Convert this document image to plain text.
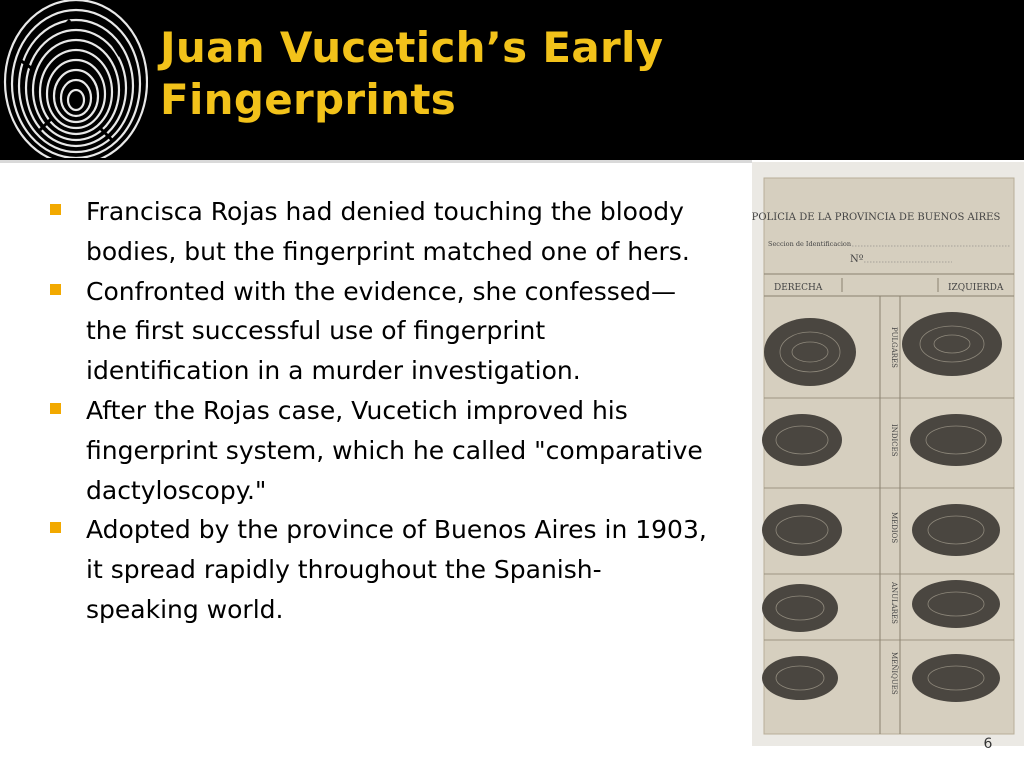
Juan Vucetich’s Early Fingerprints
Francisca Rojas had denied touching the bloody bodies, but the fingerprint matched one of hers.
Confronted with the evidence, she confessed—the first successful use of fingerprint identification in a murder investigation.
After the Rojas case, Vucetich improved his fingerprint system, which he called "comparative dactyloscopy."
Adopted by the province of Buenos Aires in 1903, it spread rapidly throughout the Spanish-speaking world.
POLICIA DE LA PROVINCIA DE BUENOS AIRES
Seccion de Identificacion
Nº
DERECHA	IZQUIERDA
PULGARES
INDICES
MEDIOS
ANULARES
MEÑIQUES
6
